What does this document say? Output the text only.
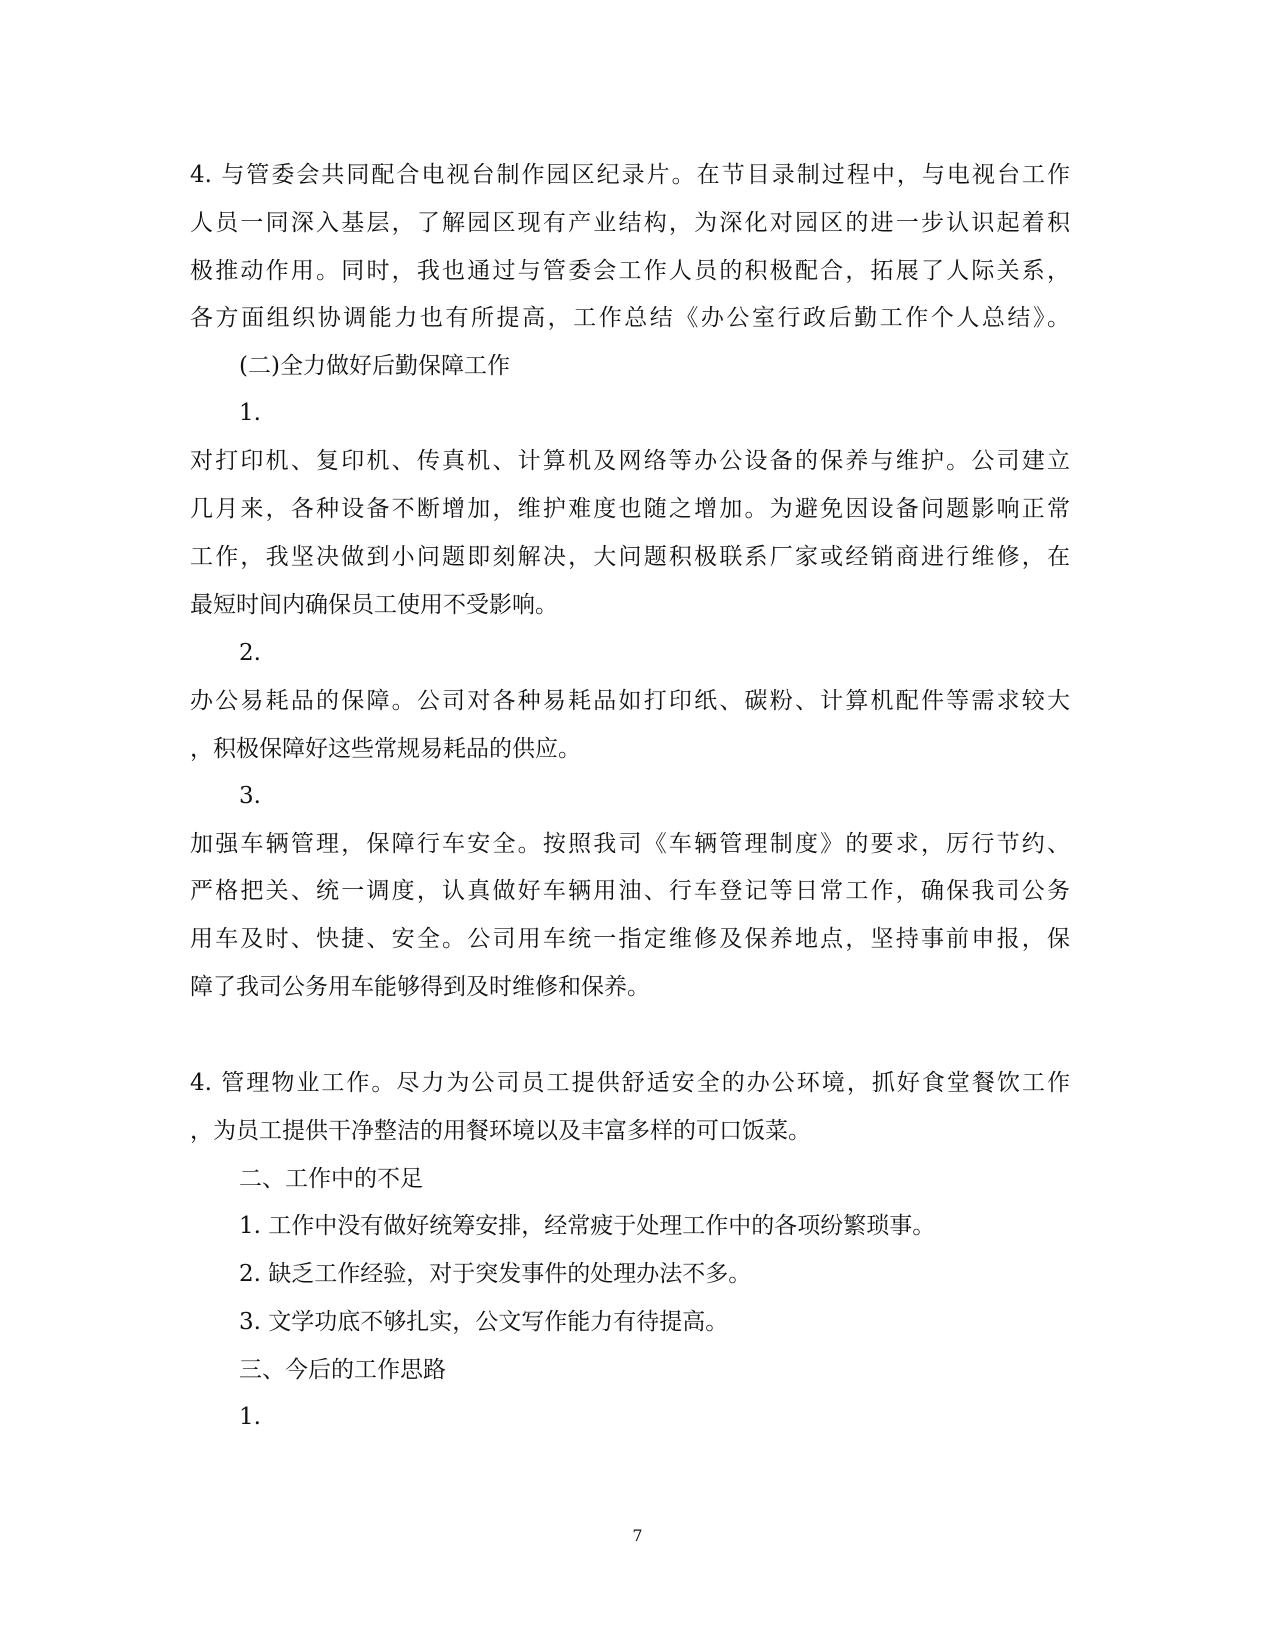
4. 与管委会共同配合电视台制作园区纪录片。在节目录制过程中，与电视台工作
人员一同深入基层，了解园区现有产业结构，为深化对园区的进一步认识起着积
极推动作用。同时，我也通过与管委会工作人员的积极配合，拓展了人际关系，
各方面组织协调能力也有所提高，工作总结《办公室行政后勤工作个人总结》。
(二)全力做好后勤保障工作
1.
对打印机、复印机、传真机、计算机及网络等办公设备的保养与维护。公司建立
几月来，各种设备不断增加，维护难度也随之增加。为避免因设备问题影响正常
工作，我坚决做到小问题即刻解决，大问题积极联系厂家或经销商进行维修，在
最短时间内确保员工使用不受影响。
2.
办公易耗品的保障。公司对各种易耗品如打印纸、碳粉、计算机配件等需求较大
，积极保障好这些常规易耗品的供应。
3.
加强车辆管理，保障行车安全。按照我司《车辆管理制度》的要求，厉行节约、
严格把关、统一调度，认真做好车辆用油、行车登记等日常工作，确保我司公务
用车及时、快捷、安全。公司用车统一指定维修及保养地点，坚持事前申报，保
障了我司公务用车能够得到及时维修和保养。
4. 管理物业工作。尽力为公司员工提供舒适安全的办公环境，抓好食堂餐饮工作
，为员工提供干净整洁的用餐环境以及丰富多样的可口饭菜。
二、工作中的不足
1. 工作中没有做好统筹安排，经常疲于处理工作中的各项纷繁琐事。
2. 缺乏工作经验，对于突发事件的处理办法不多。
3. 文学功底不够扎实，公文写作能力有待提高。
三、今后的工作思路
1.
7
